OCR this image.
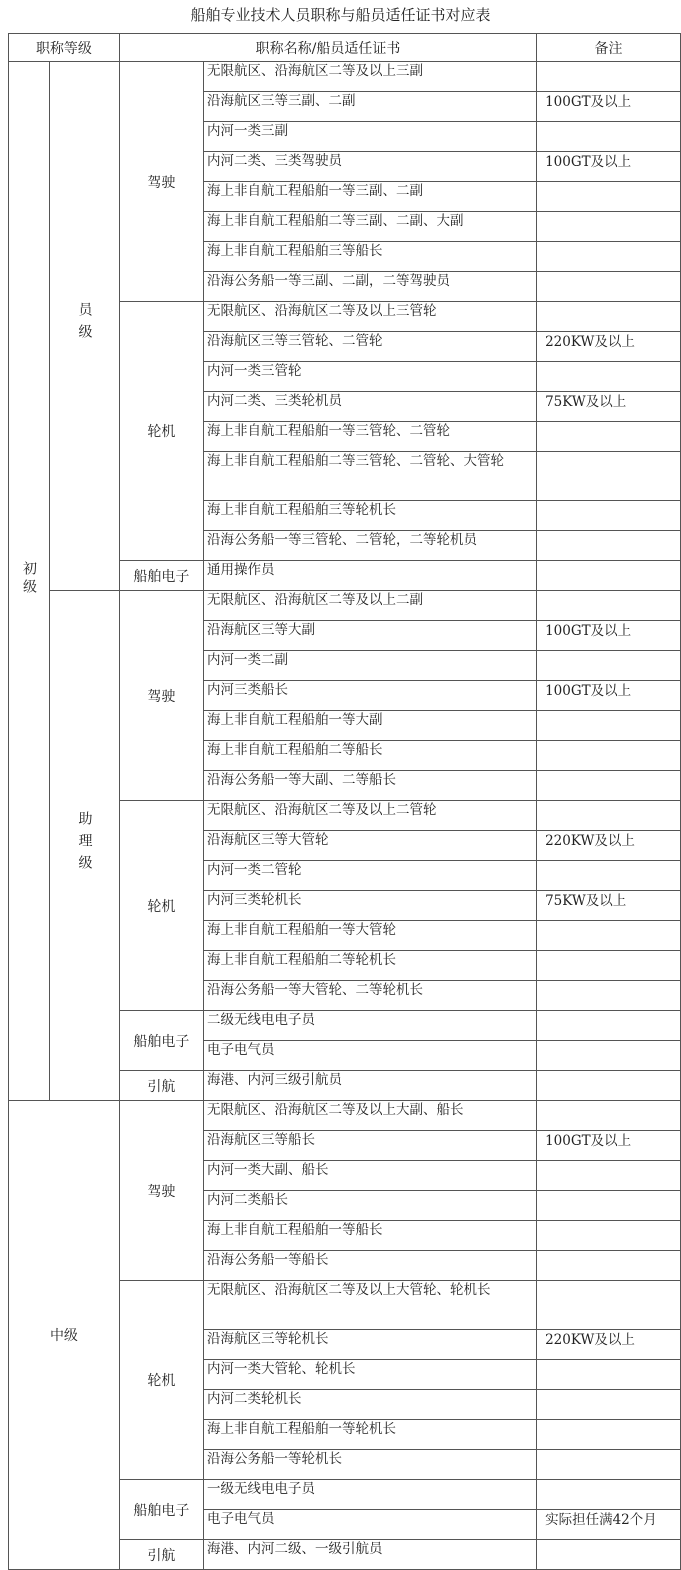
船舶专业技术人员职称与船员适任证书对应表
职称等级		职称名称/船员适任证书		备注
初级	员级	驾驶	无限航区、沿海航区二等及以上三副	
			沿海航区三等三副、二副	100GT及以上
			内河一类三副	
			内河二类、三类驾驶员	100GT及以上
			海上非自航工程船舶一等三副、二副	
			海上非自航工程船舶二等三副、二副、大副	
			海上非自航工程船舶三等船长	
			沿海公务船一等三副、二副，二等驾驶员	
		轮机	无限航区、沿海航区二等及以上三管轮	
			沿海航区三等三管轮、二管轮	220KW及以上
			内河一类三管轮	
			内河二类、三类轮机员	75KW及以上
			海上非自航工程船舶一等三管轮、二管轮	
			海上非自航工程船舶二等三管轮、二管轮、大管轮	
			海上非自航工程船舶三等轮机长	
			沿海公务船一等三管轮、二管轮，二等轮机员	
		船舶电子	通用操作员	
	助理级	驾驶	无限航区、沿海航区二等及以上二副	
			沿海航区三等大副	100GT及以上
			内河一类二副	
			内河三类船长	100GT及以上
			海上非自航工程船舶一等大副	
			海上非自航工程船舶二等船长	
			沿海公务船一等大副、二等船长	
		轮机	无限航区、沿海航区二等及以上二管轮	
			沿海航区三等大管轮	220KW及以上
			内河一类二管轮	
			内河三类轮机长	75KW及以上
			海上非自航工程船舶一等大管轮	
			海上非自航工程船舶二等轮机长	
			沿海公务船一等大管轮、二等轮机长	
		船舶电子	二级无线电电子员	
			电子电气员	
		引航	海港、内河三级引航员	
中级		驾驶	无限航区、沿海航区二等及以上大副、船长	
			沿海航区三等船长	100GT及以上
			内河一类大副、船长	
			内河二类船长	
			海上非自航工程船舶一等船长	
			沿海公务船一等船长	
		轮机	无限航区、沿海航区二等及以上大管轮、轮机长	
			沿海航区三等轮机长	220KW及以上
			内河一类大管轮、轮机长	
			内河二类轮机长	
			海上非自航工程船舶一等轮机长	
			沿海公务船一等轮机长	
		船舶电子	一级无线电电子员	
			电子电气员	实际担任满42个月
		引航	海港、内河二级、一级引航员	
